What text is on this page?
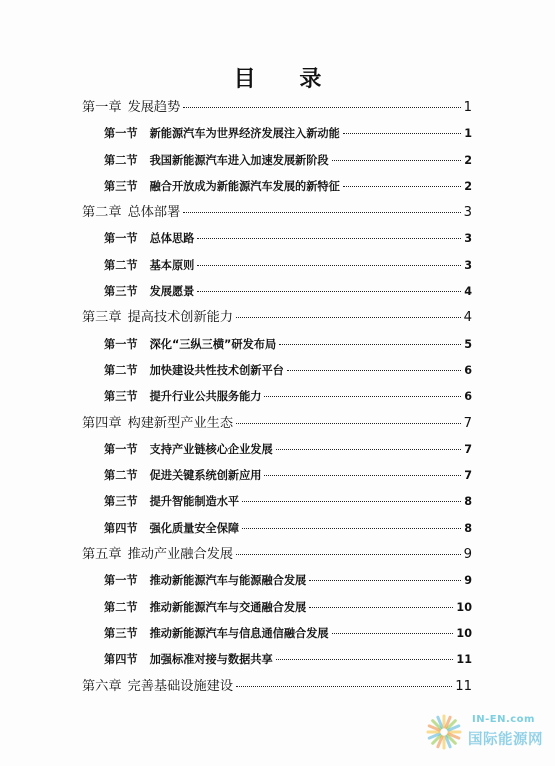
目 录
第一章 发展趋势	1
第一节 新能源汽车为世界经济发展注入新动能	1
第二节 我国新能源汽车进入加速发展新阶段	2
第三节 融合开放成为新能源汽车发展的新特征	2
第二章 总体部署	3
第一节 总体思路	3
第二节 基本原则	3
第三节 发展愿景	4
第三章 提高技术创新能力	4
第一节 深化“三纵三横”研发布局	5
第二节 加快建设共性技术创新平台	6
第三节 提升行业公共服务能力	6
第四章 构建新型产业生态	7
第一节 支持产业链核心企业发展	7
第二节 促进关键系统创新应用	7
第三节 提升智能制造水平	8
第四节 强化质量安全保障	8
第五章 推动产业融合发展	9
第一节 推动新能源汽车与能源融合发展	9
第二节 推动新能源汽车与交通融合发展	10
第三节 推动新能源汽车与信息通信融合发展	10
第四节 加强标准对接与数据共享	11
第六章 完善基础设施建设	11
IN-EN.com
国际能源网
